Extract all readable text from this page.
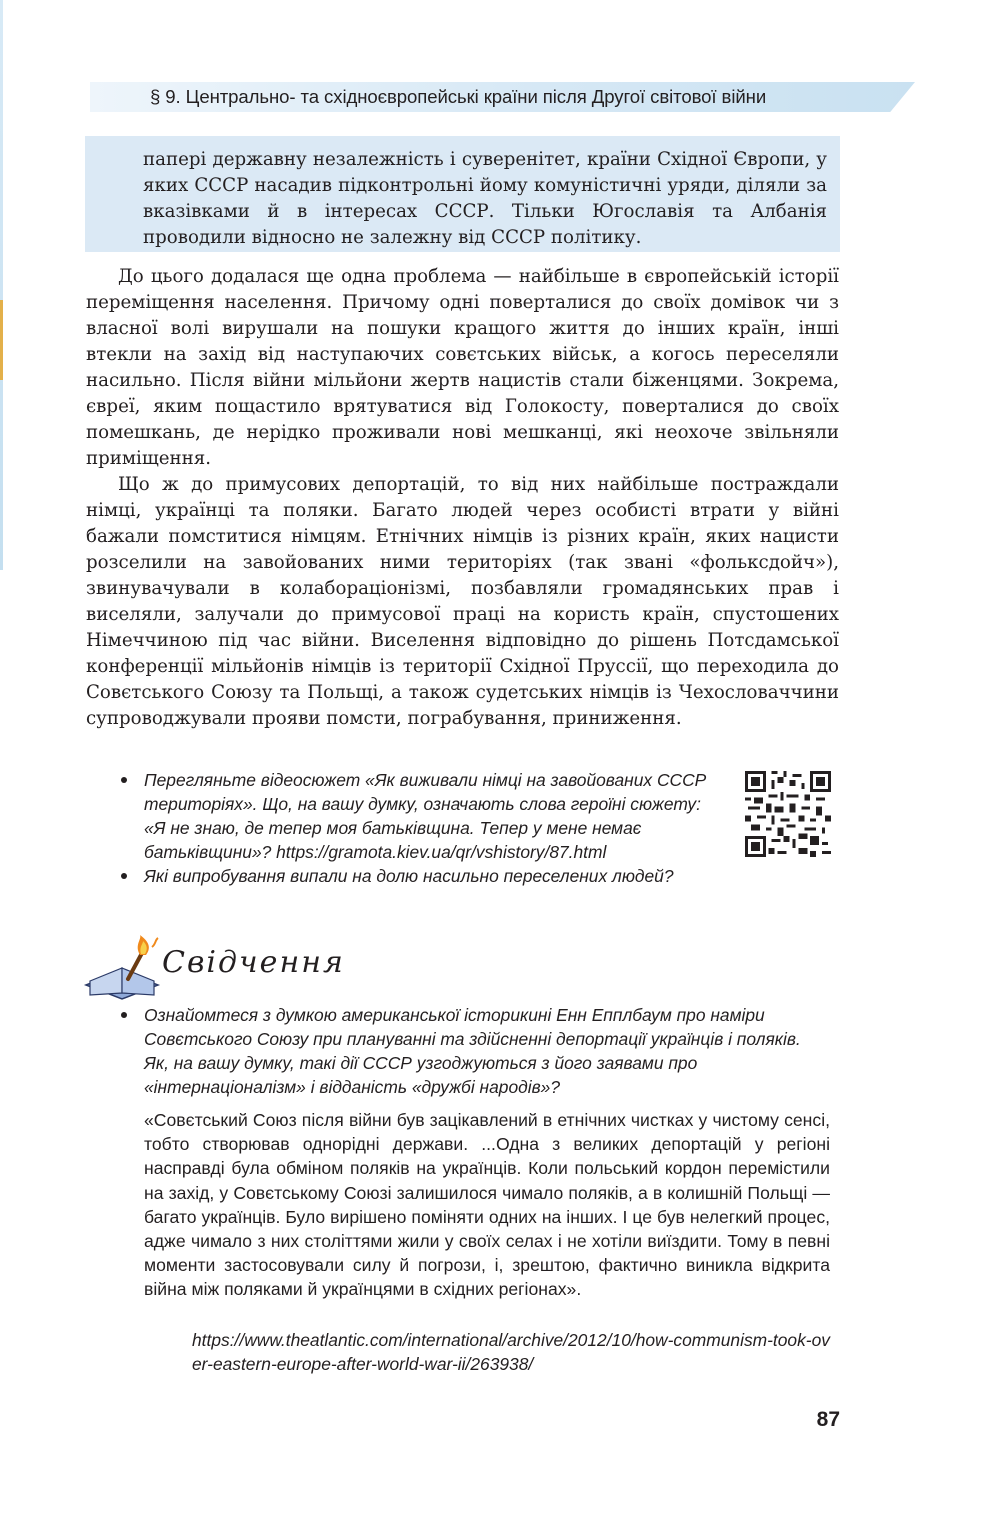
§ 9. Центрально- та східноєвропейські країни після Другої світової війни

папері державну незалежність і суверенітет, країни Східної Європи, у яких СССР насадив підконтрольні йому комуністичні уряди, діляли за вказівками й в інтересах СССР. Тільки Югославія та Албанія проводили відносно не залежну від СССР політику.

До цього додалася ще одна проблема — найбільше в європейській історії переміщення населення. Причому одні поверталися до своїх домівок чи з власної волі вирушали на пошуки кращого життя до інших країн, інші втекли на захід від наступаючих совєтських військ, а когось переселяли насильно. Після війни мільйони жертв нацистів стали біженцями. Зокрема, євреї, яким пощастило врятуватися від Голокосту, поверталися до своїх помешкань, де нерідко проживали нові мешканці, які неохоче звільняли приміщення.

Що ж до примусових депортацій, то від них найбільше постраждали німці, українці та поляки. Багато людей через особисті втрати у війні бажали помститися німцям. Етнічних німців із різних країн, яких нацисти розселили на завойованих ними територіях (так звані «фольксдойч»), звинувачували в колабораціонізмі, позбавляли громадянських прав і виселяли, залучали до примусової праці на користь країн, спустошених Німеччиною під час війни. Виселення відповідно до рішень Потсдамської конференції мільйонів німців із території Східної Пруссії, що переходила до Совєтського Союзу та Польщі, а також судетських німців із Чехословаччини супроводжували прояви помсти, пограбування, приниження.

Перегляньте відеосюжет «Як виживали німці на завойованих СССР територіях». Що, на вашу думку, означають слова героїні сюжету: «Я не знаю, де тепер моя батьківщина. Тепер у мене немає батьківщини»? https://gramota.kiev.ua/qr/vshistory/87.html
Які випробування випали на долю насильно переселених людей?
Свідчення
Ознайомтеся з думкою американської історикині Енн Епплбаум про наміри Совєтського Союзу при плануванні та здійсненні депортації українців і поляків. Як, на вашу думку, такі дії СССР узгоджуються з його заявами про «інтернаціоналізм» і відданість «дружбі народів»?

«Совєтський Союз після війни був зацікавлений в етнічних чистках у чистому сенсі, тобто створював однорідні держави. ...Одна з великих депортацій у регіоні насправді була обміном поляків на українців. Коли польський кордон перемістили на захід, у Совєтському Союзі залишилося чимало поляків, а в колишній Польщі — багато українців. Було вирішено поміняти одних на інших. І це був нелегкий процес, адже чимало з них століттями жили у своїх селах і не хотіли виїздити. Тому в певні моменти застосовували силу й погрози, і, зрештою, фактично виникла відкрита війна між поляками й українцями в східних регіонах».

https://www.theatlantic.com/international/archive/2012/10/how-communism-took-over-eastern-europe-after-world-war-ii/263938/

87
